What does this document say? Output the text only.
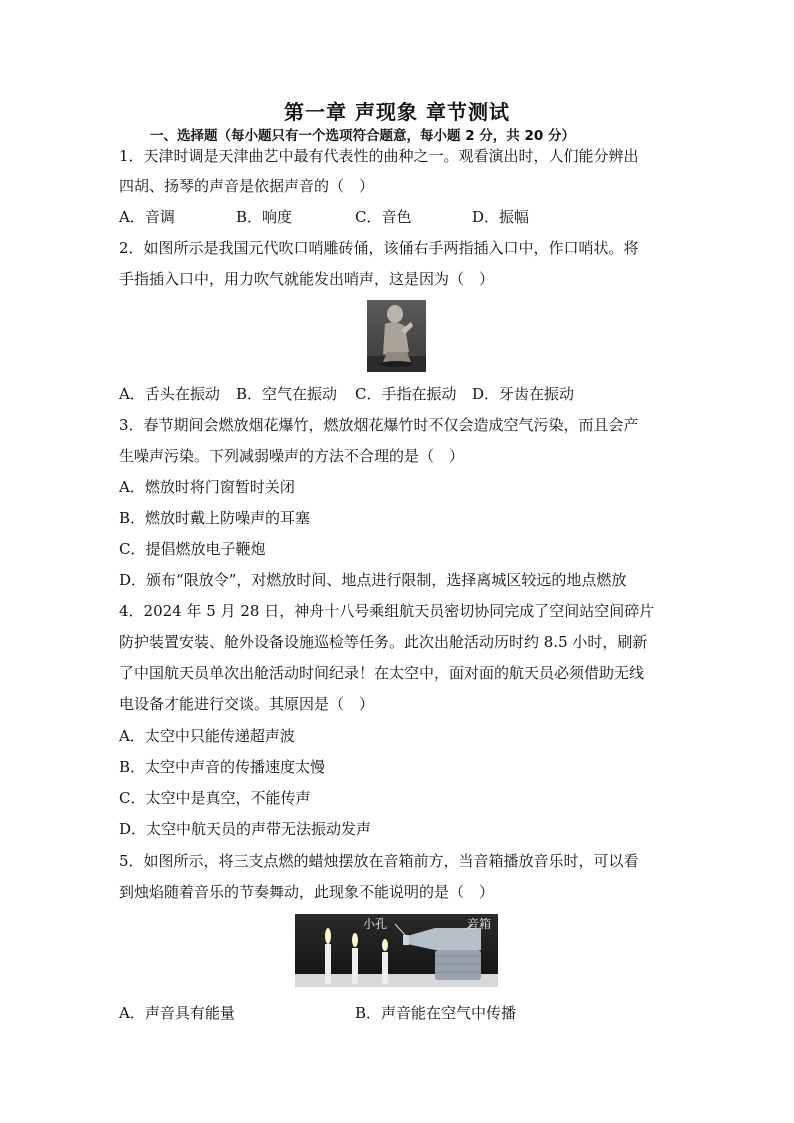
第一章 声现象 章节测试
一、选择题（每小题只有一个选项符合题意，每小题 2 分，共 20 分）
1．天津时调是天津曲艺中最有代表性的曲种之一。观看演出时，人们能分辨出
四胡、扬琴的声音是依据声音的（　）
A．音调	B．响度	C．音色	D．振幅
2．如图所示是我国元代吹口哨雕砖俑，该俑右手两指插入口中，作口哨状。将
手指插入口中，用力吹气就能发出哨声，这是因为（　）
A．舌头在振动 B．空气在振动 C．手指在振动 D．牙齿在振动
3．春节期间会燃放烟花爆竹，燃放烟花爆竹时不仅会造成空气污染，而且会产
生噪声污染。下列减弱噪声的方法不合理的是（　）
A．燃放时将门窗暂时关闭
B．燃放时戴上防噪声的耳塞
C．提倡燃放电子鞭炮
D．颁布“限放令”，对燃放时间、地点进行限制，选择离城区较远的地点燃放
4．2024 年 5 月 28 日，神舟十八号乘组航天员密切协同完成了空间站空间碎片
防护装置安装、舱外设备设施巡检等任务。此次出舱活动历时约 8.5 小时，刷新
了中国航天员单次出舱活动时间纪录！在太空中，面对面的航天员必须借助无线
电设备才能进行交谈。其原因是（　）
A．太空中只能传递超声波
B．太空中声音的传播速度太慢
C．太空中是真空，不能传声
D．太空中航天员的声带无法振动发声
5．如图所示，将三支点燃的蜡烛摆放在音箱前方，当音箱播放音乐时，可以看
到烛焰随着音乐的节奏舞动，此现象不能说明的是（　）
小孔	音箱
A．声音具有能量	B．声音能在空气中传播
